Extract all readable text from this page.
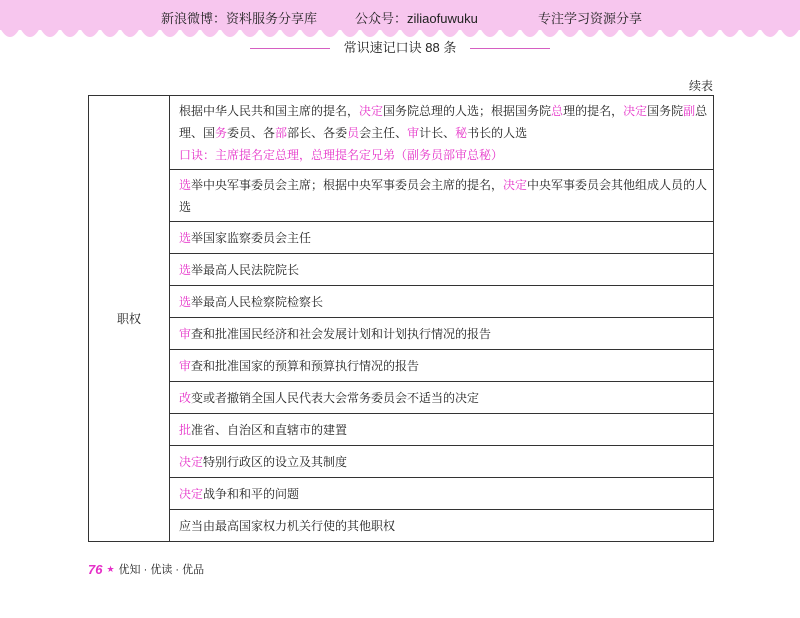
新浪微博：资料服务分享库	公众号：ziliaofuwuku	专注学习资源分享
常识速记口诀 88 条
续表
职权	根据中华人民共和国主席的提名，决定国务院总理的人选；根据国务院总理的提名，决定国务院副总理、国务委员、各部部长、各委员会主任、审计长、秘书长的人选
口诀：主席提名定总理，总理提名定兄弟（副务员部审总秘）
选举中央军事委员会主席；根据中央军事委员会主席的提名，决定中央军事委员会其他组成人员的人选
选举国家监察委员会主任
选举最高人民法院院长
选举最高人民检察院检察长
审查和批准国民经济和社会发展计划和计划执行情况的报告
审查和批准国家的预算和预算执行情况的报告
改变或者撤销全国人民代表大会常务委员会不适当的决定
批准省、自治区和直辖市的建置
决定特别行政区的设立及其制度
决定战争和和平的问题
应当由最高国家权力机关行使的其他职权
76 ★ 优知 · 优读 · 优品
